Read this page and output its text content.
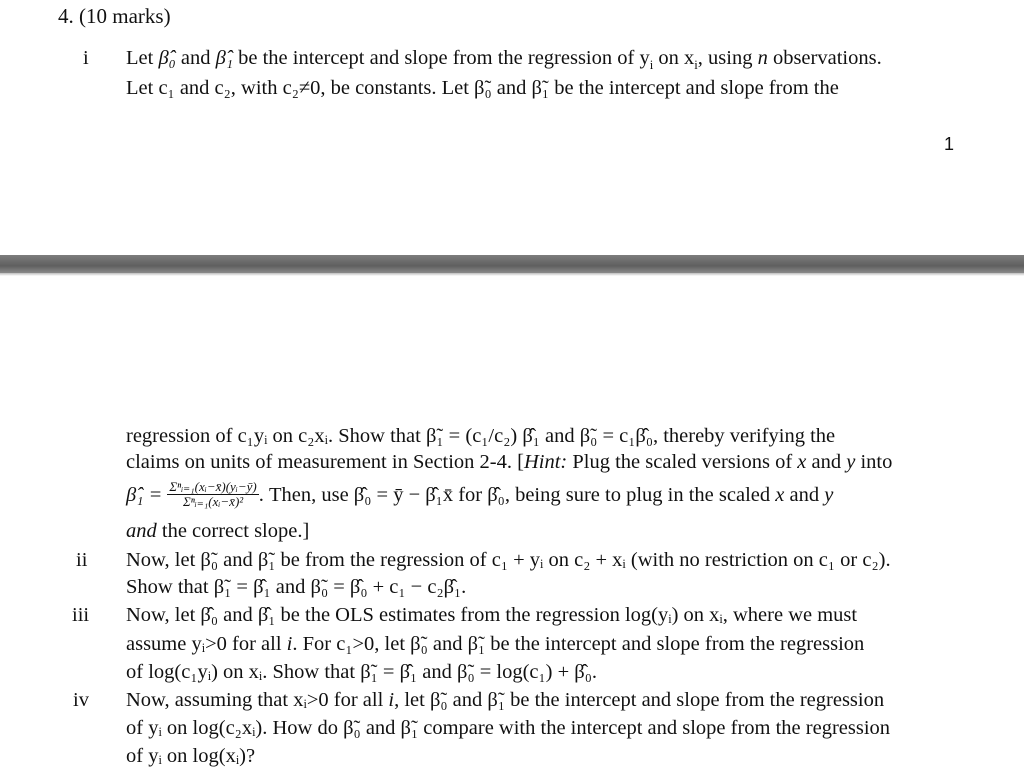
4. (10 marks)
i Let β̂₀ and β̂₁ be the intercept and slope from the regression of $y_i$ on $x_i$, using n observations.
Let c₁ and c₂, with c₂≠0, be constants. Let β̃₀ and β̃₁ be the intercept and slope from the
1
regression of c₁yᵢ on c₂xᵢ. Show that β̃₁ = (c₁/c₂) β̂₁ and β̃₀ = c₁β̂₀, thereby verifying the
claims on units of measurement in Section 2-4. [Hint: Plug the scaled versions of x and y into
β̂₁ = $\frac{\text{Σⁿᵢ₌₁(xᵢ−x̄)(yᵢ−ȳ)}}{\text{Σⁿᵢ₌₁(xᵢ−x̄)²}}$ . Then, use β̂₀ = ȳ − β̂₁x̄ for β̂₀, being sure to plug in the scaled x and y
and the correct slope.]
ii Now, let β̃₀ and β̃₁ be from the regression of c₁ + yᵢ on c₂ + xᵢ (with no restriction on c₁ or c₂).
Show that β̃₁ = β̂₁ and β̃₀ = β̂₀ + c₁ − c₂β̂₁.
iii Now, let β̂₀ and β̂₁ be the OLS estimates from the regression log(yᵢ) on xᵢ, where we must
assume yᵢ>0 for all i. For c₁>0, let β̃₀ and β̃₁ be the intercept and slope from the regression
of log(c₁yᵢ) on xᵢ. Show that β̃₁ = β̂₁ and β̃₀ = log(c₁) + β̂₀.
iv Now, assuming that xᵢ>0 for all i, let β̃₀ and β̃₁ be the intercept and slope from the regression
of yᵢ on log(c₂xᵢ). How do β̃₀ and β̃₁ compare with the intercept and slope from the regression
of yᵢ on log(xᵢ)?
